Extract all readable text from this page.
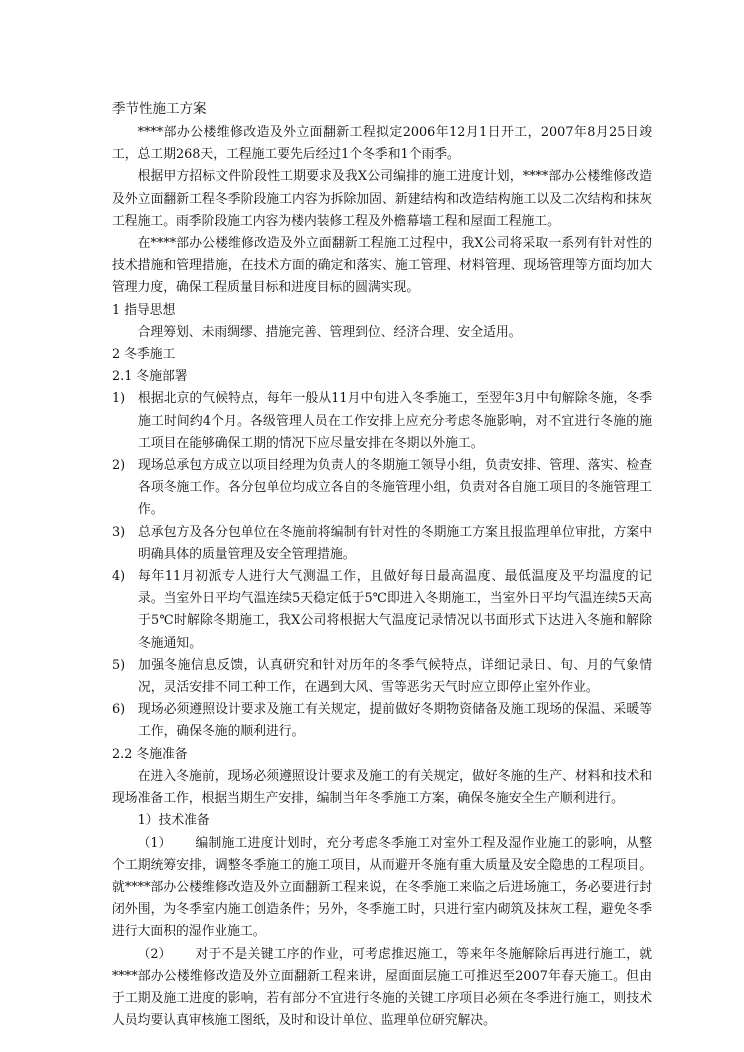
季节性施工方案

****部办公楼维修改造及外立面翻新工程拟定2006年12月1日开工，2007年8月25日竣工，总工期268天，工程施工要先后经过1个冬季和1个雨季。

根据甲方招标文件阶段性工期要求及我X公司编排的施工进度计划，****部办公楼维修改造及外立面翻新工程冬季阶段施工内容为拆除加固、新建结构和改造结构施工以及二次结构和抹灰工程施工。雨季阶段施工内容为楼内装修工程及外檐幕墙工程和屋面工程施工。

在****部办公楼维修改造及外立面翻新工程施工过程中，我X公司将采取一系列有针对性的技术措施和管理措施，在技术方面的确定和落实、施工管理、材料管理、现场管理等方面均加大管理力度，确保工程质量目标和进度目标的圆满实现。

1 指导思想

合理筹划、未雨绸缪、措施完善、管理到位、经济合理、安全适用。

2 冬季施工
2.1 冬施部署
1) 根据北京的气候特点，每年一般从11月中旬进入冬季施工，至翌年3月中旬解除冬施，冬季施工时间约4个月。各级管理人员在工作安排上应充分考虑冬施影响，对不宜进行冬施的施工项目在能够确保工期的情况下应尽量安排在冬期以外施工。
2) 现场总承包方成立以项目经理为负责人的冬期施工领导小组，负责安排、管理、落实、检查各项冬施工作。各分包单位均成立各自的冬施管理小组，负责对各自施工项目的冬施管理工作。
3) 总承包方及各分包单位在冬施前将编制有针对性的冬期施工方案且报监理单位审批，方案中明确具体的质量管理及安全管理措施。
4) 每年11月初派专人进行大气测温工作，且做好每日最高温度、最低温度及平均温度的记录。当室外日平均气温连续5天稳定低于5℃即进入冬期施工，当室外日平均气温连续5天高于5℃时解除冬期施工，我X公司将根据大气温度记录情况以书面形式下达进入冬施和解除冬施通知。
5) 加强冬施信息反馈，认真研究和针对历年的冬季气候特点，详细记录日、旬、月的气象情况，灵活安排不同工种工作，在遇到大风、雪等恶劣天气时应立即停止室外作业。
6) 现场必须遵照设计要求及施工有关规定，提前做好冬期物资储备及施工现场的保温、采暖等工作，确保冬施的顺利进行。
2.2 冬施准备

在进入冬施前，现场必须遵照设计要求及施工的有关规定，做好冬施的生产、材料和技术和现场准备工作，根据当期生产安排，编制当年冬季施工方案，确保冬施安全生产顺利进行。

1）技术准备

（1） 编制施工进度计划时，充分考虑冬季施工对室外工程及湿作业施工的影响，从整个工期统筹安排，调整冬季施工的施工项目，从而避开冬施有重大质量及安全隐患的工程项目。就****部办公楼维修改造及外立面翻新工程来说，在冬季施工来临之后进场施工，务必要进行封闭外围，为冬季室内施工创造条件；另外，冬季施工时，只进行室内砌筑及抹灰工程，避免冬季进行大面积的湿作业施工。

（2） 对于不是关键工序的作业，可考虑推迟施工，等来年冬施解除后再进行施工，就****部办公楼维修改造及外立面翻新工程来讲，屋面面层施工可推迟至2007年春天施工。但由于工期及施工进度的影响，若有部分不宜进行冬施的关键工序项目必须在冬季进行施工，则技术人员均要认真审核施工图纸，及时和设计单位、监理单位研究解决。
